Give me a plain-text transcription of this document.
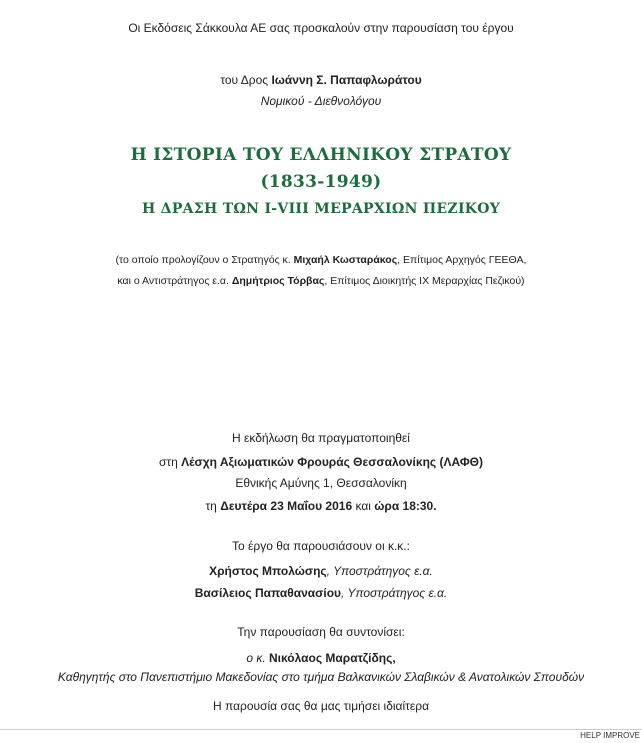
Οι Εκδόσεις Σάκκουλα ΑΕ σας προσκαλούν στην παρουσίαση του έργου
του Δρος Ιωάννη Σ. Παπαφλωράτου
Νομικού - Διεθνολόγου
Η ΙΣΤΟΡΙΑ ΤΟΥ ΕΛΛΗΝΙΚΟΥ ΣΤΡΑΤΟΥ
(1833-1949)
Η ΔΡΑΣΗ ΤΩΝ Ι-VIII ΜΕΡΑΡΧΙΩΝ ΠΕΖΙΚΟΥ
(το οποίο προλογίζουν ο Στρατηγός κ. Μιχαήλ Κωσταράκος, Επίτιμος Αρχηγός ΓΕΕΘΑ,
και ο Αντιστράτηγος ε.α. Δημήτριος Τόρβας, Επίτιμος Διοικητής ΙΧ Μεραρχίας Πεζικού)
Η εκδήλωση θα πραγματοποιηθεί
στη Λέσχη Αξιωματικών Φρουράς Θεσσαλονίκης (ΛΑΦΘ)
Εθνικής Αμύνης 1, Θεσσαλονίκη
τη Δευτέρα 23 Μαΐου 2016 και ώρα 18:30.
Το έργο θα παρουσιάσουν οι κ.κ.:
Χρήστος Μπολώσης, Υποστράτηγος ε.α.
Βασίλειος Παπαθανασίου, Υποστράτηγος ε.α.
Την παρουσίαση θα συντονίσει:
ο κ. Νικόλαος Μαρατζίδης,
Καθηγητής στο Πανεπιστήμιο Μακεδονίας στο τμήμα Βαλκανικών Σλαβικών & Ανατολικών Σπουδών
Η παρουσία σας θα μας τιμήσει ιδιαίτερα
HELP IMPROVE
